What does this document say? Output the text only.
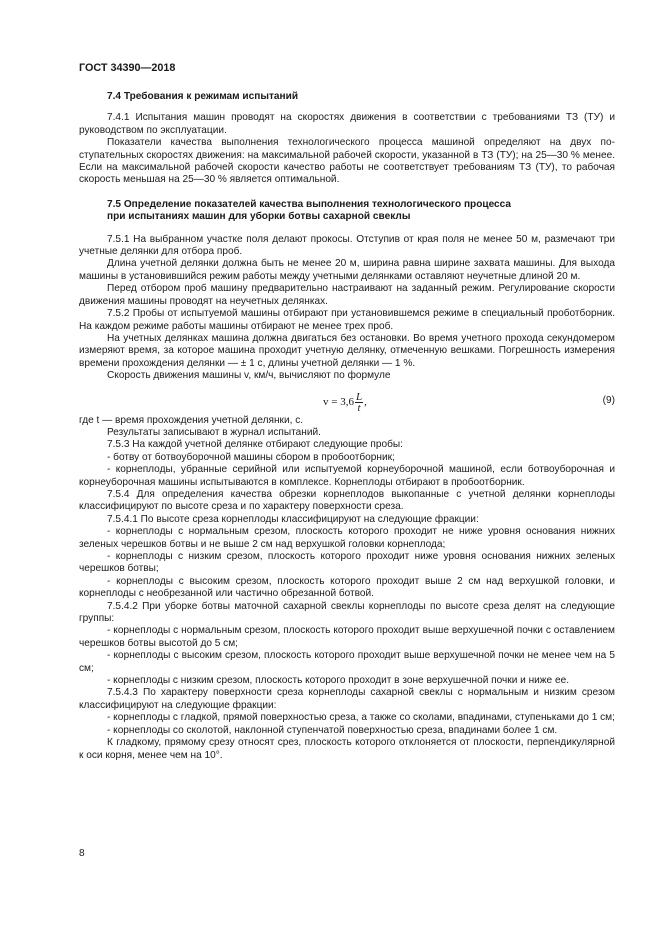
ГОСТ 34390—2018
7.4 Требования к режимам испытаний

7.4.1 Испытания машин проводят на скоростях движения в соответствии с требованиями ТЗ (ТУ) и руководством по эксплуатации.

Показатели качества выполнения технологического процесса машиной определяют на двух поступательных скоростях движения: на максимальной рабочей скорости, указанной в ТЗ (ТУ); на 25—30 % менее. Если на максимальной рабочей скорости качество работы не соответствует требованиям ТЗ (ТУ), то рабочая скорость меньшая на 25—30 % является оптимальной.

7.5 Определение показателей качества выполнения технологического процесса
при испытаниях машин для уборки ботвы сахарной свеклы

7.5.1 На выбранном участке поля делают прокосы. Отступив от края поля не менее 50 м, размечают три учетные делянки для отбора проб.

Длина учетной делянки должна быть не менее 20 м, ширина равна ширине захвата машины. Для выхода машины в установившийся режим работы между учетными делянками оставляют неучетные длиной 20 м.

Перед отбором проб машину предварительно настраивают на заданный режим. Регулирование скорости движения машины проводят на неучетных делянках.

7.5.2 Пробы от испытуемой машины отбирают при установившемся режиме в специальный проботборник. На каждом режиме работы машины отбирают не менее трех проб.

На учетных делянках машина должна двигаться без остановки. Во время учетного прохода секундомером измеряют время, за которое машина проходит учетную делянку, отмеченную вешками. Погрешность измерения времени прохождения делянки — ± 1 с, длины учетной делянки — 1 %.

Скорость движения машины v, км/ч, вычисляют по формуле

$v = 3,6 \frac{L}{t}$ ,	(9)

где t — время прохождения учетной делянки, с.

Результаты записывают в журнал испытаний.

7.5.3 На каждой учетной делянке отбирают следующие пробы:

- ботву от ботвоуборочной машины сбором в пробоотборник;

- корнеплоды, убранные серийной или испытуемой корнеуборочной машиной, если ботвоуборочная и корнеуборочная машины испытываются в комплексе. Корнеплоды отбирают в пробоотборник.

7.5.4 Для определения качества обрезки корнеплодов выкопанные с учетной делянки корнеплоды классифицируют по высоте среза и по характеру поверхности среза.

7.5.4.1 По высоте среза корнеплоды классифицируют на следующие фракции:

- корнеплоды с нормальным срезом, плоскость которого проходит не ниже уровня основания нижних зеленых черешков ботвы и не выше 2 см над верхушкой головки корнеплода;

- корнеплоды с низким срезом, плоскость которого проходит ниже уровня основания нижних зеленых черешков ботвы;

- корнеплоды с высоким срезом, плоскость которого проходит выше 2 см над верхушкой головки, и корнеплоды с необрезанной или частично обрезанной ботвой.

7.5.4.2 При уборке ботвы маточной сахарной свеклы корнеплоды по высоте среза делят на следующие группы:

- корнеплоды с нормальным срезом, плоскость которого проходит выше верхушечной почки с оставлением черешков ботвы высотой до 5 см;

- корнеплоды с высоким срезом, плоскость которого проходит выше верхушечной почки не менее чем на 5 см;

- корнеплоды с низким срезом, плоскость которого проходит в зоне верхушечной почки и ниже ее.

7.5.4.3 По характеру поверхности среза корнеплоды сахарной свеклы с нормальным и низким срезом классифицируют на следующие фракции:

- корнеплоды с гладкой, прямой поверхностью среза, а также со сколами, впадинами, ступеньками до 1 см;

- корнеплоды со сколотой, наклонной ступенчатой поверхностью среза, впадинами более 1 см.

К гладкому, прямому срезу относят срез, плоскость которого отклоняется от плоскости, перпендикулярной к оси корня, менее чем на 10°.

8
